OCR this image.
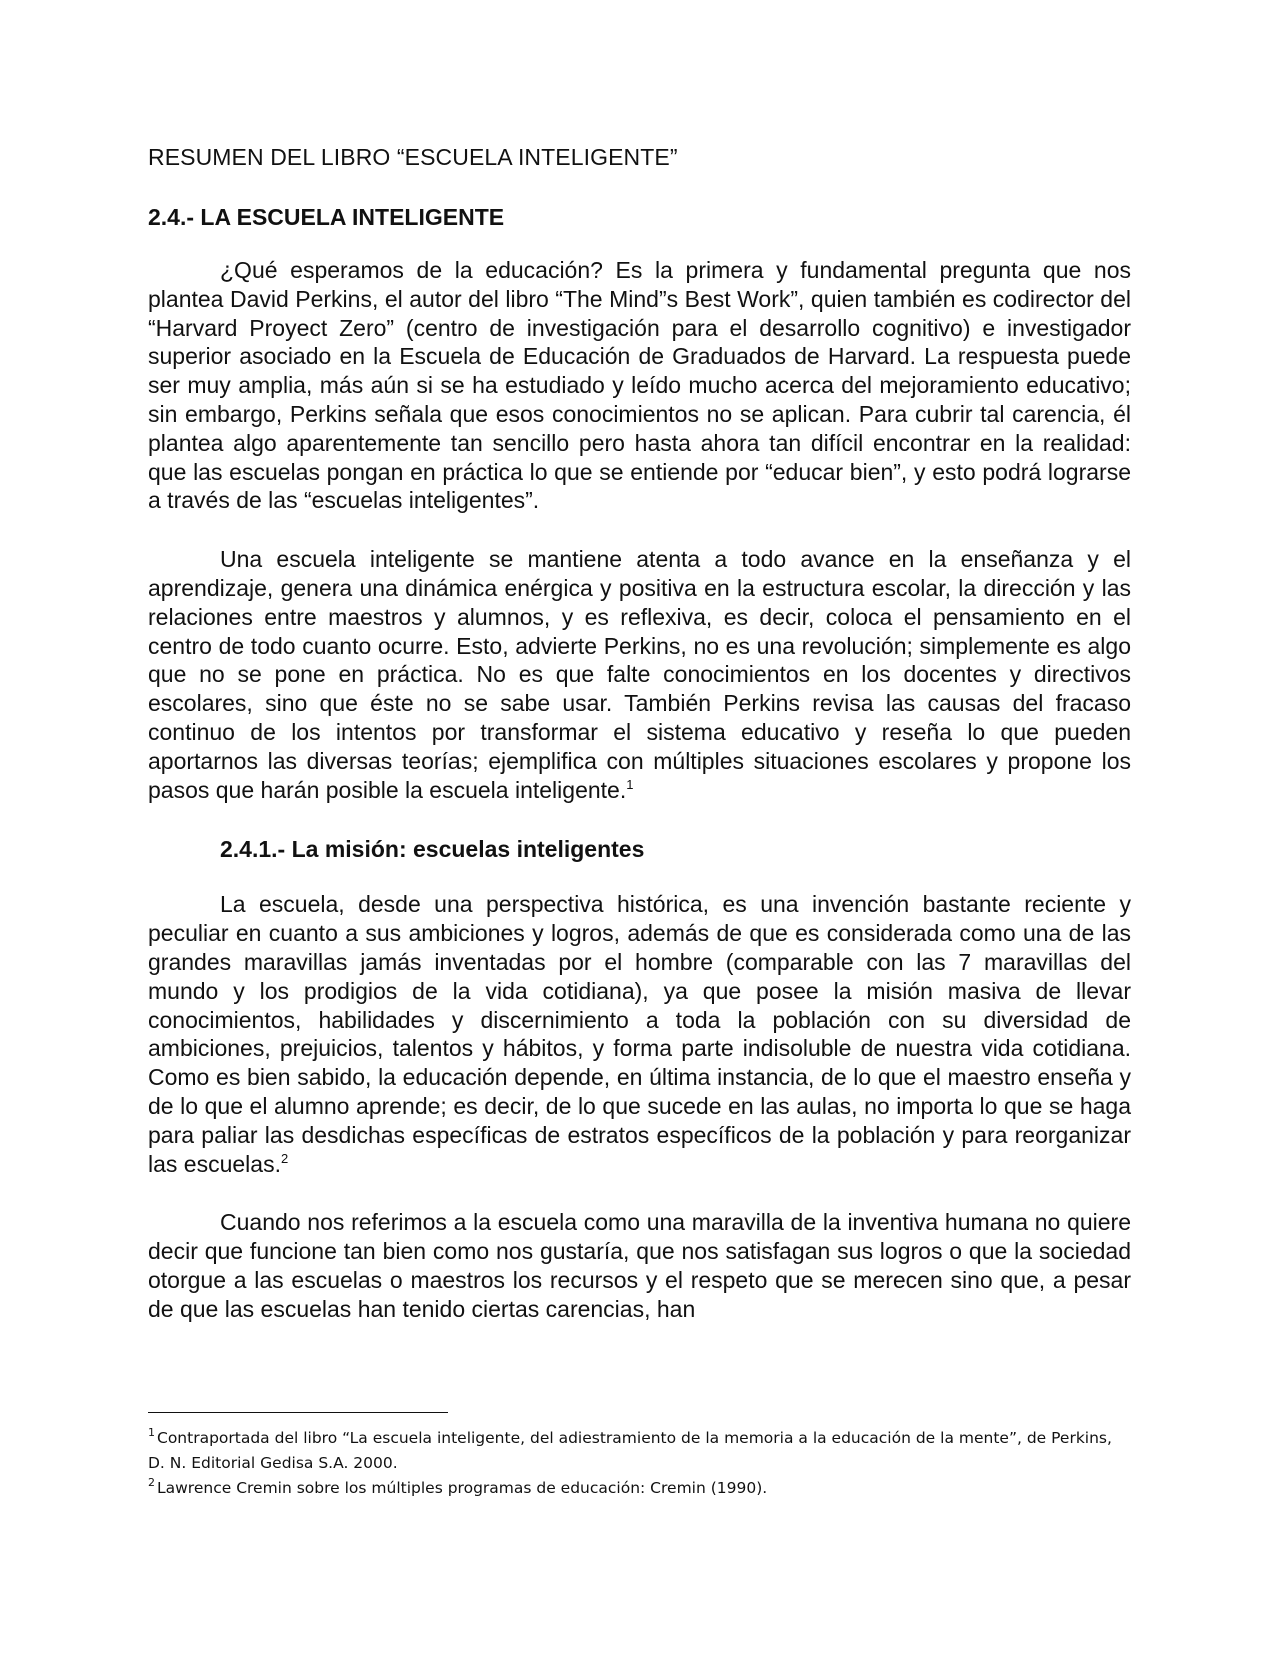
RESUMEN DEL LIBRO “ESCUELA INTELIGENTE”
2.4.- LA ESCUELA INTELIGENTE

¿Qué esperamos de la educación? Es la primera y fundamental pregunta que nos plantea David Perkins, el autor del libro “The Mind”s Best Work”, quien también es codirector del “Harvard Proyect Zero” (centro de investigación para el desarrollo cognitivo) e investigador superior asociado en la Escuela de Educación de Graduados de Harvard. La respuesta puede ser muy amplia, más aún si se ha estudiado y leído mucho acerca del mejoramiento educativo; sin embargo, Perkins señala que esos conocimientos no se aplican. Para cubrir tal carencia, él plantea algo aparentemente tan sencillo pero hasta ahora tan difícil encontrar en la realidad: que las escuelas pongan en práctica lo que se entiende por “educar bien”, y esto podrá lograrse a través de las “escuelas inteligentes”.

Una escuela inteligente se mantiene atenta a todo avance en la enseñanza y el aprendizaje, genera una dinámica enérgica y positiva en la estructura escolar, la dirección y las relaciones entre maestros y alumnos, y es reflexiva, es decir, coloca el pensamiento en el centro de todo cuanto ocurre. Esto, advierte Perkins, no es una revolución; simplemente es algo que no se pone en práctica. No es que falte conocimientos en los docentes y directivos escolares, sino que éste no se sabe usar. También Perkins revisa las causas del fracaso continuo de los intentos por transformar el sistema educativo y reseña lo que pueden aportarnos las diversas teorías; ejemplifica con múltiples situaciones escolares y propone los pasos que harán posible la escuela inteligente.$^1$

2.4.1.- La misión: escuelas inteligentes

La escuela, desde una perspectiva histórica, es una invención bastante reciente y peculiar en cuanto a sus ambiciones y logros, además de que es considerada como una de las grandes maravillas jamás inventadas por el hombre (comparable con las 7 maravillas del mundo y los prodigios de la vida cotidiana), ya que posee la misión masiva de llevar conocimientos, habilidades y discernimiento a toda la población con su diversidad de ambiciones, prejuicios, talentos y hábitos, y forma parte indisoluble de nuestra vida cotidiana. Como es bien sabido, la educación depende, en última instancia, de lo que el maestro enseña y de lo que el alumno aprende; es decir, de lo que sucede en las aulas, no importa lo que se haga para paliar las desdichas específicas de estratos específicos de la población y para reorganizar las escuelas.$^2$

Cuando nos referimos a la escuela como una maravilla de la inventiva humana no quiere decir que funcione tan bien como nos gustaría, que nos satisfagan sus logros o que la sociedad otorgue a las escuelas o maestros los recursos y el respeto que se merecen sino que, a pesar de que las escuelas han tenido ciertas carencias, han

$^1$ Contraportada del libro “La escuela inteligente, del adiestramiento de la memoria a la educación de la mente”, de Perkins, D. N. Editorial Gedisa S.A. 2000.

$^2$ Lawrence Cremin sobre los múltiples programas de educación: Cremin (1990).
